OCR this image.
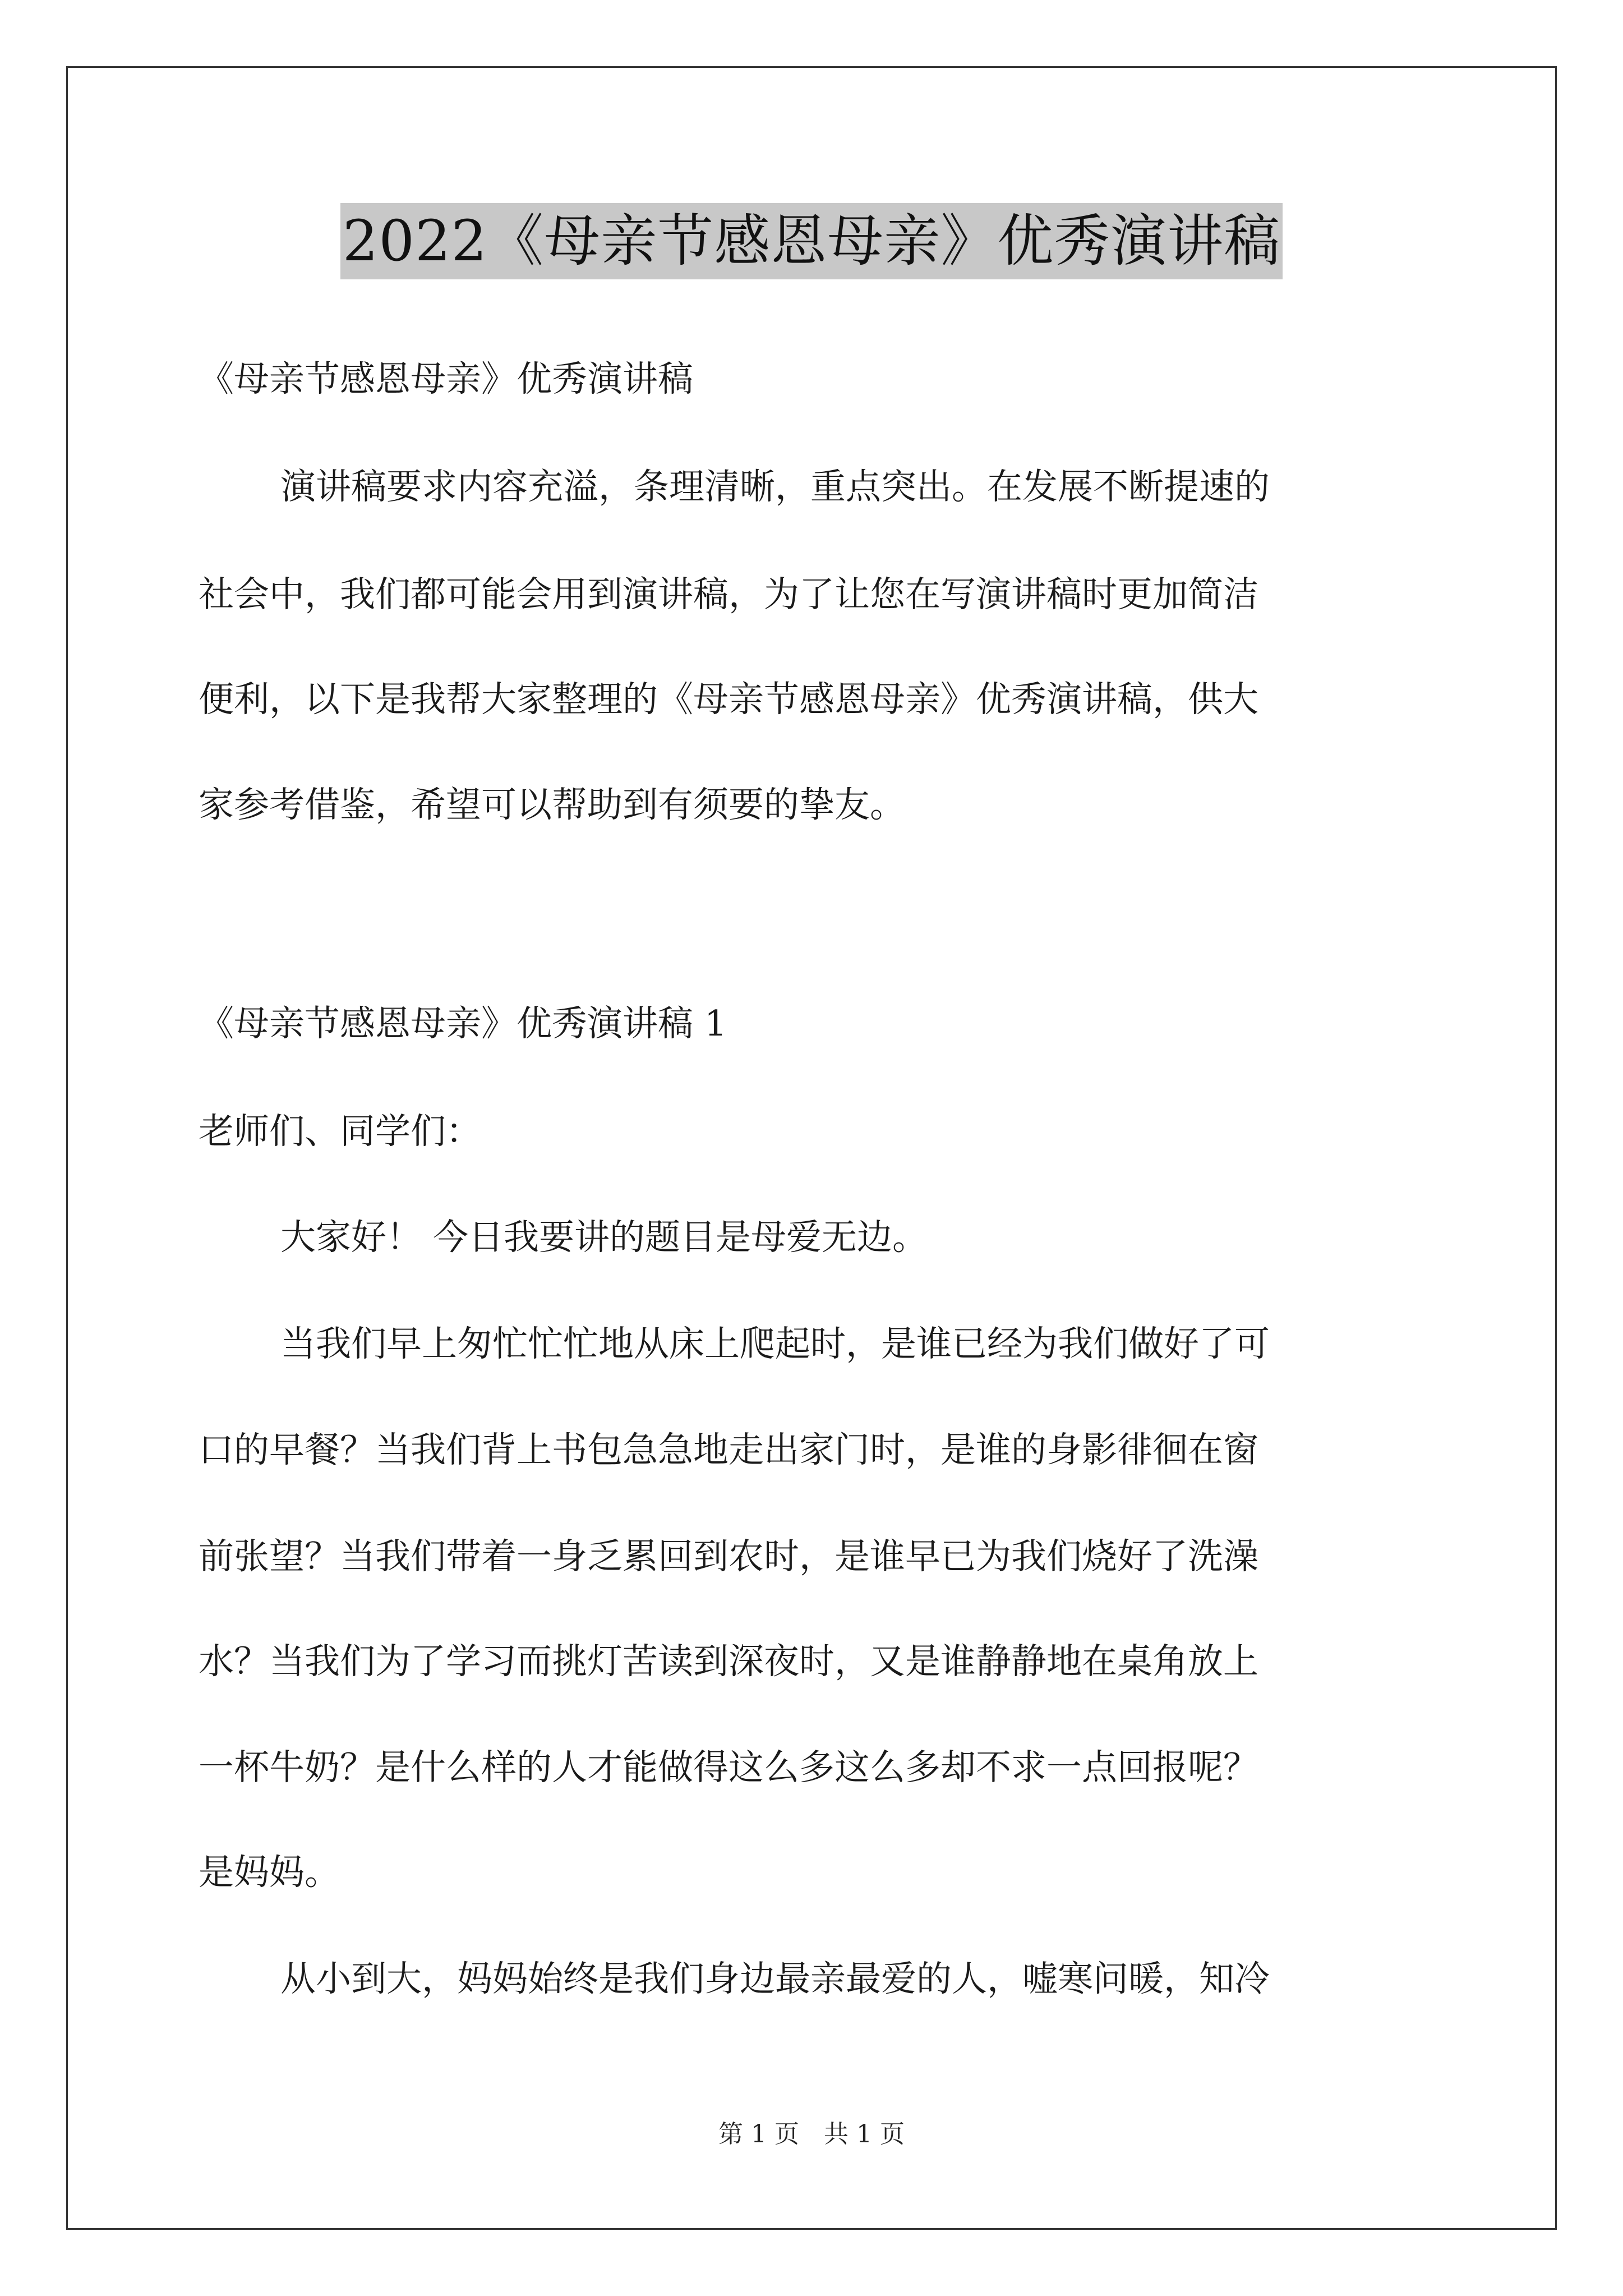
2022《母亲节感恩母亲》优秀演讲稿
《母亲节感恩母亲》优秀演讲稿
演讲稿要求内容充溢，条理清晰，重点突出。在发展不断提速的
社会中，我们都可能会用到演讲稿，为了让您在写演讲稿时更加简洁
便利，以下是我帮大家整理的《母亲节感恩母亲》优秀演讲稿，供大
家参考借鉴，希望可以帮助到有须要的挚友。
《母亲节感恩母亲》优秀演讲稿 1
老师们、同学们：
大家好！ 今日我要讲的题目是母爱无边。
当我们早上匆忙忙忙地从床上爬起时，是谁已经为我们做好了可
口的早餐？当我们背上书包急急地走出家门时，是谁的身影徘徊在窗
前张望？当我们带着一身乏累回到农时，是谁早已为我们烧好了洗澡
水？当我们为了学习而挑灯苦读到深夜时，又是谁静静地在桌角放上
一杯牛奶？是什么样的人才能做得这么多这么多却不求一点回报呢？
是妈妈。
从小到大，妈妈始终是我们身边最亲最爱的人，嘘寒问暖，知冷
第 1 页　共 1 页
